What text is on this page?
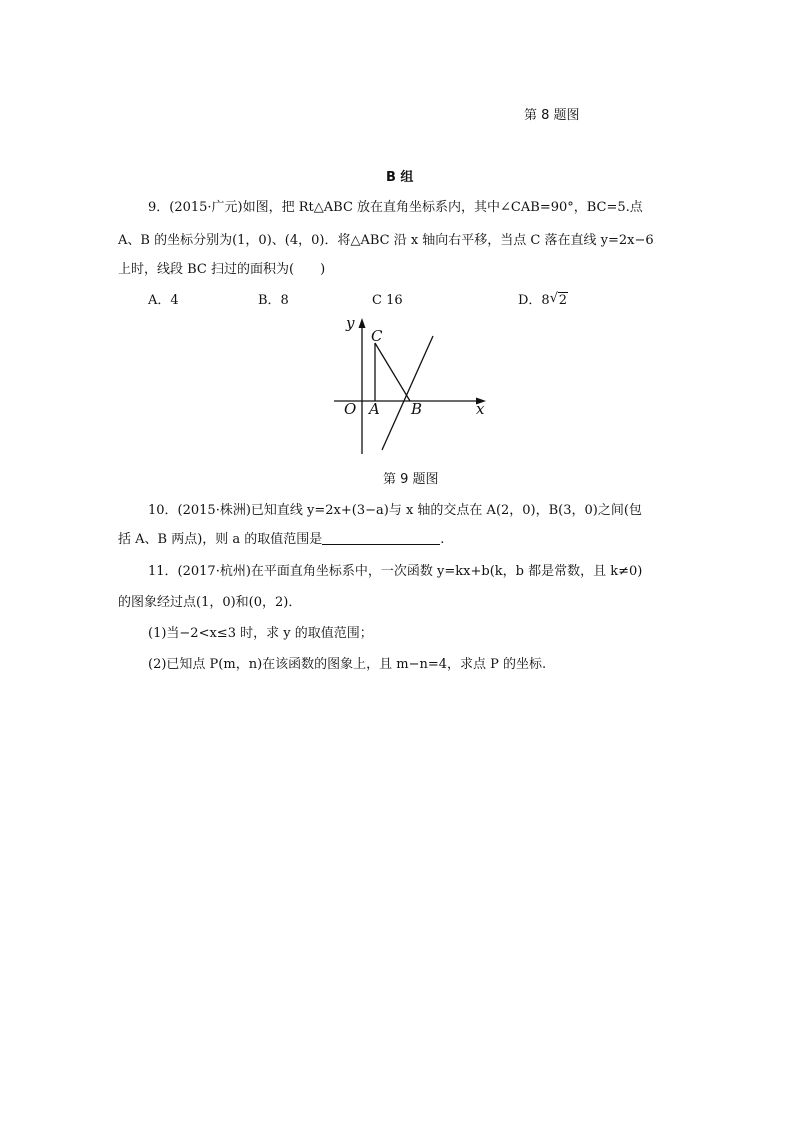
第 8 题图
B 组
9．(2015·广元)如图，把 Rt△ABC 放在直角坐标系内，其中∠CAB=90°，BC=5.点
A、B 的坐标分别为(1，0)、(4，0)．将△ABC 沿 x 轴向右平移，当点 C 落在直线 y=2x−6
上时，线段 BC 扫过的面积为(　　)
A．4	B．8	C 16	D．8 √ 2
y
x
O A B
C
第 9 题图
10．(2015·株洲)已知直线 y=2x+(3−a)与 x 轴的交点在 A(2，0)，B(3，0)之间(包
括 A、B 两点)，则 a 的取值范围是	.
11．(2017·杭州)在平面直角坐标系中，一次函数 y=kx+b(k，b 都是常数，且 k≠0)
的图象经过点(1，0)和(0，2)．
(1)当−2<x≤3 时，求 y 的取值范围；
(2)已知点 P(m，n)在该函数的图象上，且 m−n=4，求点 P 的坐标.
